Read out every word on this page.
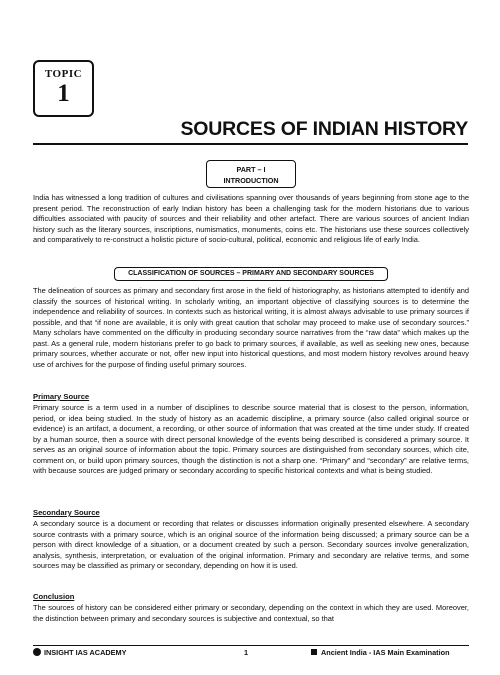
TOPIC
1
SOURCES OF INDIAN HISTORY
PART – I
INTRODUCTION

India has witnessed a long tradition of cultures and civilisations spanning over thousands of years beginning from stone age to the present period. The reconstruction of early Indian history has been a challenging task for the modern historians due to various difficulties associated with paucity of sources and their reliability and other artefact. There are various sources of ancient Indian history such as the literary sources, inscriptions, numismatics, monuments, coins etc. The historians use these sources collectively and comparatively to re-construct a holistic picture of socio-cultural, political, economic and religious life of early India.

CLASSIFICATION OF SOURCES – PRIMARY AND SECONDARY SOURCES

The delineation of sources as primary and secondary first arose in the field of historiography, as historians attempted to identify and classify the sources of historical writing. In scholarly writing, an important objective of classifying sources is to determine the independence and reliability of sources. In contexts such as historical writing, it is almost always advisable to use primary sources if possible, and that “if none are available, it is only with great caution that scholar may proceed to make use of secondary sources.” Many scholars have commented on the difficulty in producing secondary source narratives from the “raw data” which makes up the past. As a general rule, modern historians prefer to go back to primary sources, if available, as well as seeking new ones, because primary sources, whether accurate or not, offer new input into historical questions, and most modern history revolves around heavy use of archives for the purpose of finding useful primary sources.

Primary Source

Primary source is a term used in a number of disciplines to describe source material that is closest to the person, information, period, or idea being studied. In the study of history as an academic discipline, a primary source (also called original source or evidence) is an artifact, a document, a recording, or other source of information that was created at the time under study. If created by a human source, then a source with direct personal knowledge of the events being described is considered a primary source. It serves as an original source of information about the topic. Primary sources are distinguished from secondary sources, which cite, comment on, or build upon primary sources, though the distinction is not a sharp one. “Primary” and “secondary” are relative terms, with because sources are judged primary or secondary according to specific historical contexts and what is being studied.

Secondary Source

A secondary source is a document or recording that relates or discusses information originally presented elsewhere. A secondary source contrasts with a primary source, which is an original source of the information being discussed; a primary source can be a person with direct knowledge of a situation, or a document created by such a person. Secondary sources involve generalization, analysis, synthesis, interpretation, or evaluation of the original information. Primary and secondary are relative terms, and some sources may be classified as primary or secondary, depending on how it is used.

Conclusion

The sources of history can be considered either primary or secondary, depending on the context in which they are used. Moreover, the distinction between primary and secondary sources is subjective and contextual, so that

INSIGHT IAS ACADEMY	1	Ancient India - IAS Main Examination
